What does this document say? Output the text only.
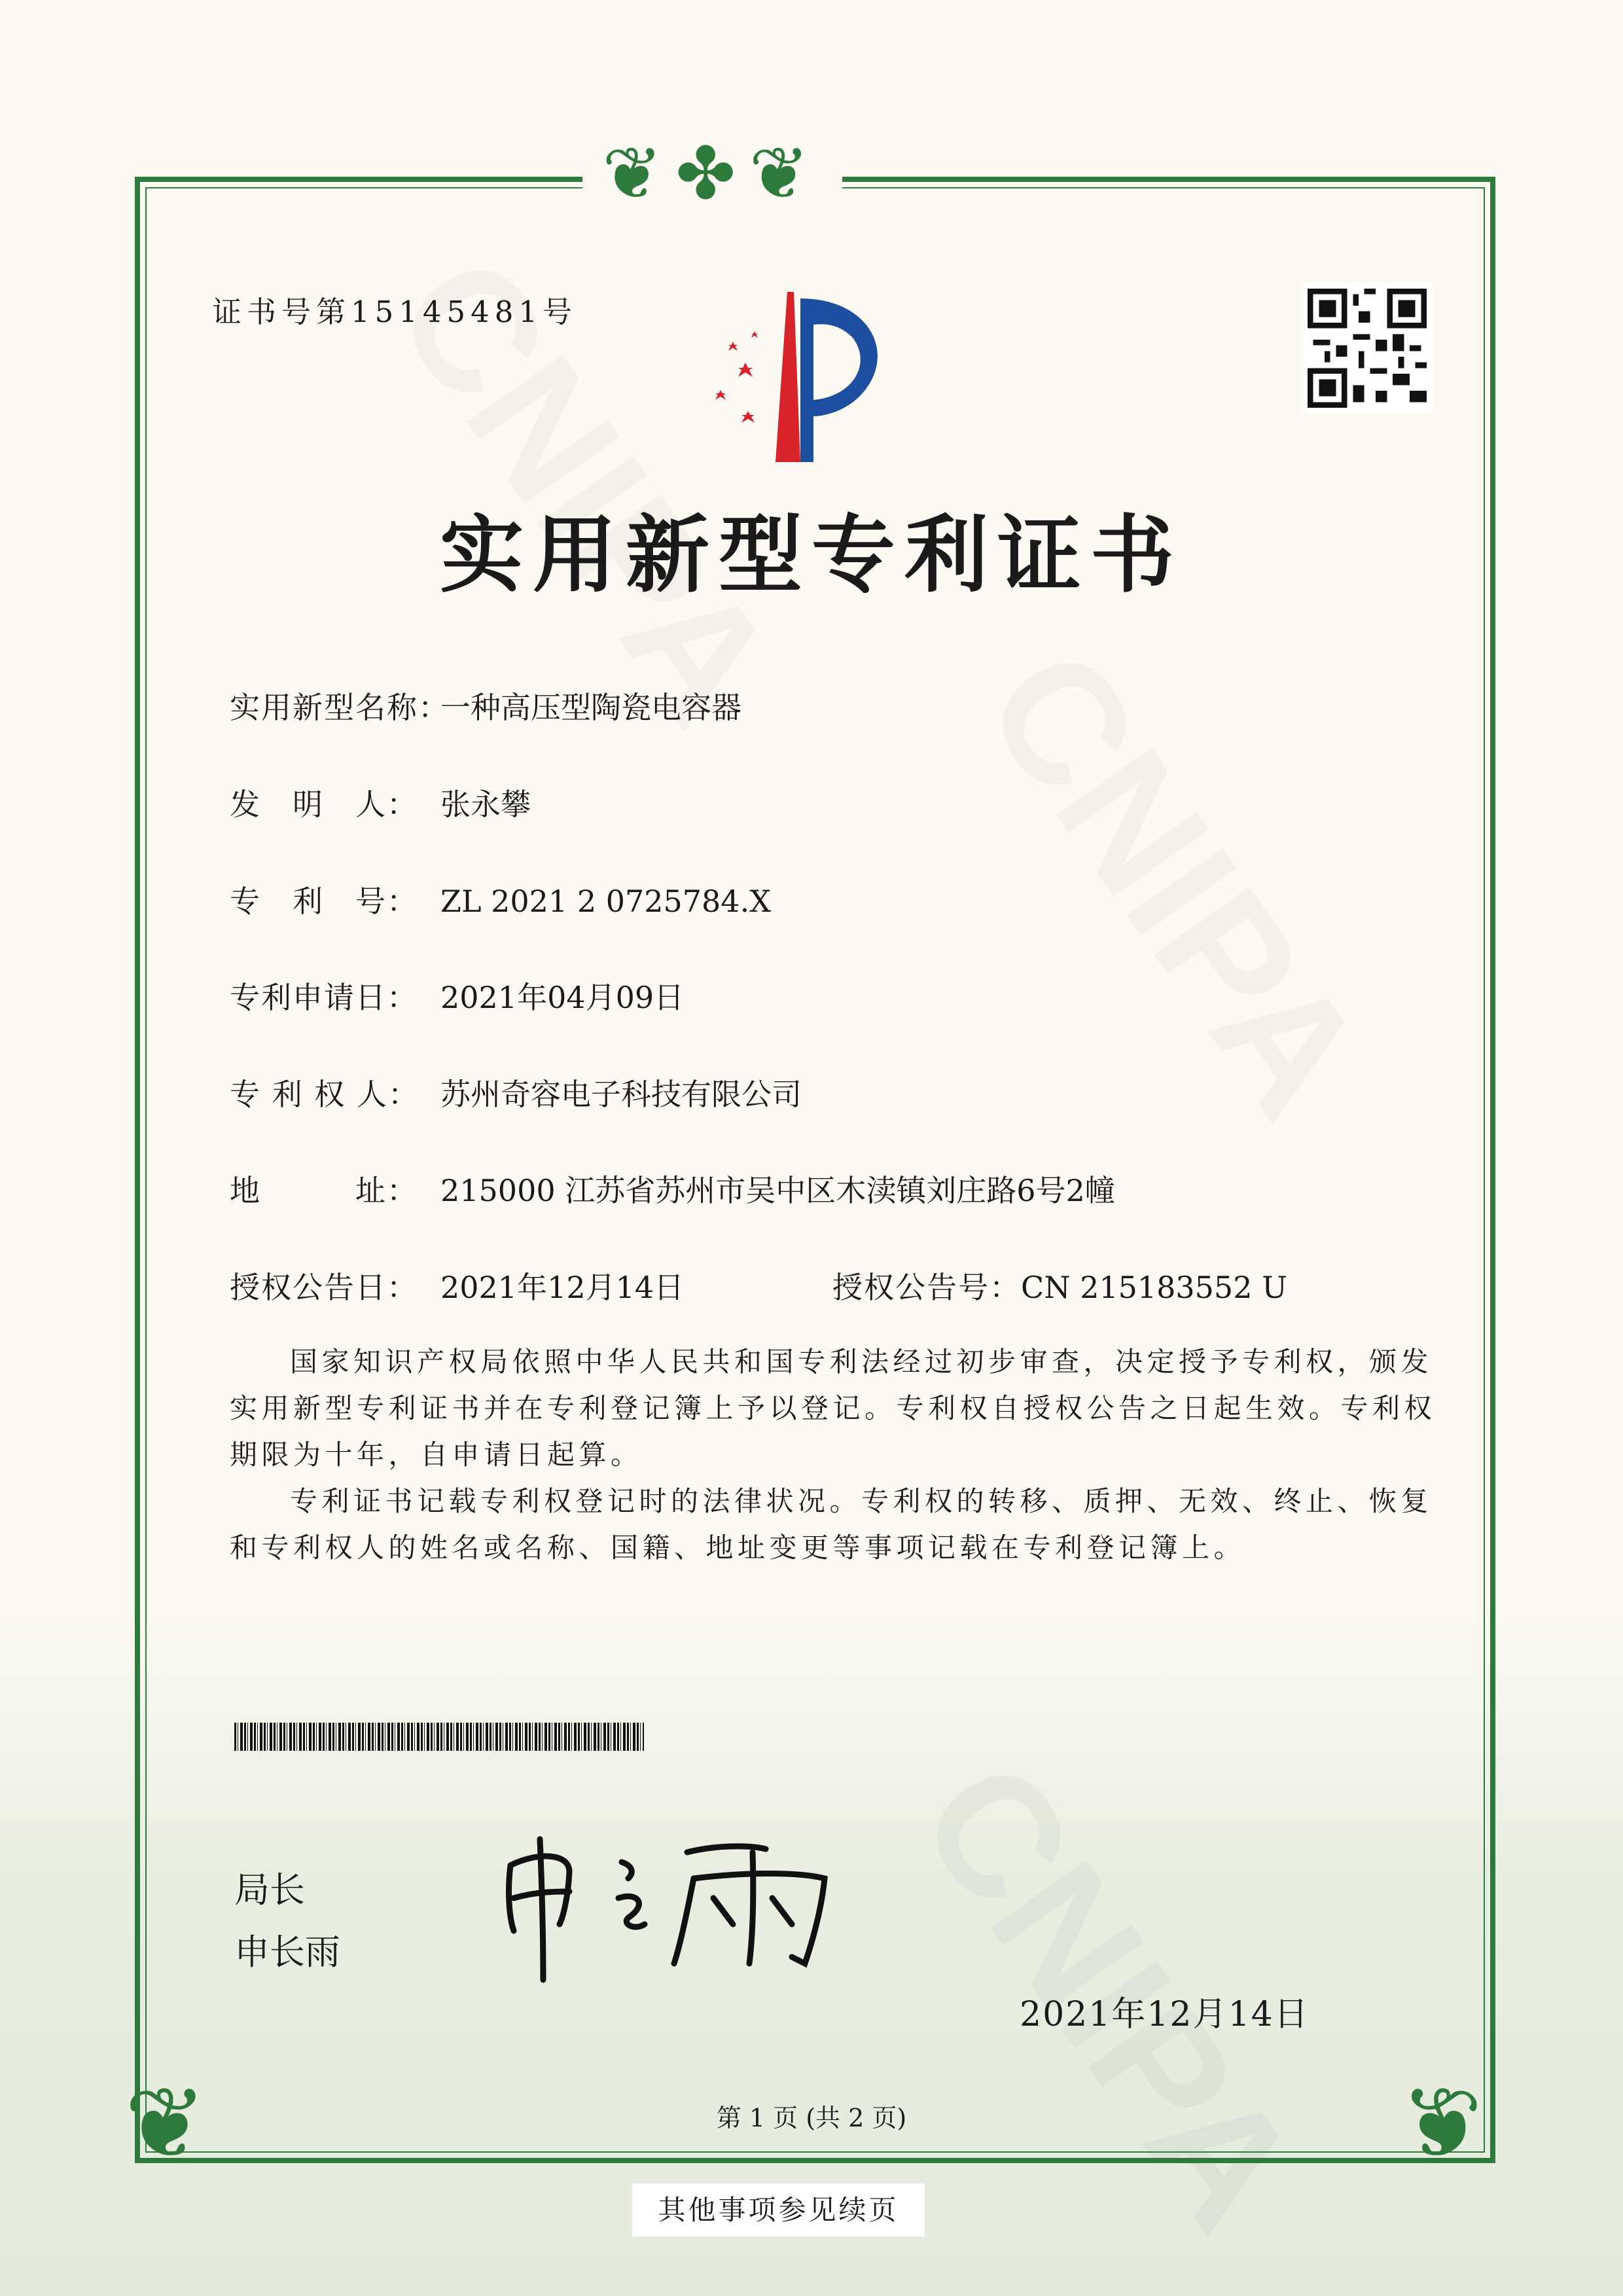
❦✤❦
❦	❦
证书号第15145481号
实用新型专利证书
实用新型名称：一种高压型陶瓷电容器
发　明　人： 张永攀
专　利　号： ZL 2021 2 0725784.X
专利申请日： 2021年04月09日
专 利 权 人： 苏州奇容电子科技有限公司
地　　　址： 215000 江苏省苏州市吴中区木渎镇刘庄路6号2幢
授权公告日： 2021年12月14日	授权公告号：CN 215183552 U

国家知识产权局依照中华人民共和国专利法经过初步审查，决定授予专利权，颁发实用新型专利证书并在专利登记簿上予以登记。专利权自授权公告之日起生效。专利权期限为十年，自申请日起算。

专利证书记载专利权登记时的法律状况。专利权的转移、质押、无效、终止、恢复和专利权人的姓名或名称、国籍、地址变更等事项记载在专利登记簿上。

局长
申长雨
2021年12月14日
第 1 页 (共 2 页)
其他事项参见续页
